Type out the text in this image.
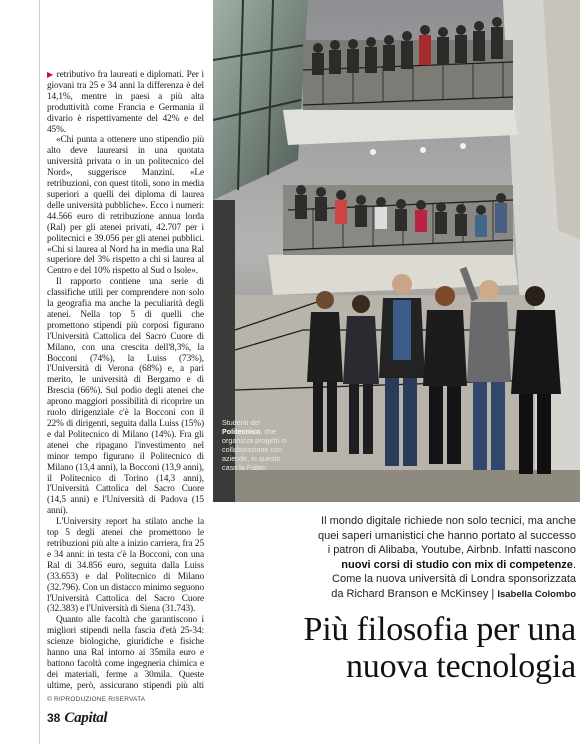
▶ retributivo fra laureati e diplomati. Per i giovani tra 25 e 34 anni la differenza è del 14,1%, mentre in paesi a più alta produttività come Francia e Germania il divario è rispettivamente del 42% e del 45%.

«Chi punta a ottenere uno stipendio più alto deve laurearsi in una quotata università privata o in un politecnico del Nord», suggerisce Manzini. «Le retribuzioni, con quest titoli, sono in media superiori a quelli dei diploma di laurea delle università pubbliche». Ecco i numeri: 44.566 euro di retribuzione annua lorda (Ral) per gli atenei privati, 42.707 per i politecnici e 39.056 per gli atenei pubblici. «Chi si laurea al Nord ha in media una Ral superiore del 3% rispetto a chi si laurea al Centro e del 10% rispetto al Sud o Isole».

Il rapporto contiene una serie di classifiche utili per comprendere non solo la geografia ma anche la peculiarità degli atenei. Nella top 5 di quelli che promettono stipendi più corposi figurano l'Università Cattolica del Sacro Cuore di Milano, con una crescita dell'8,3%, la Bocconi (74%), la Luiss (73%), l'Università di Verona (68%) e, a pari merito, le università di Bergamo e di Brescia (66%). Sul podio degli atenei che aprono maggiori possibilità di ricoprire un ruolo dirigenziale c'è la Bocconi con il 22% di dirigenti, seguita dalla Luiss (15%) e dal Politecnico di Milano (14%). Fra gli atenei che ripagano l'investimento nel minor tempo figurano il Politecnico di Milano (13,4 anni), la Bocconi (13,9 anni), il Politecnico di Torino (14,3 anni), l'Università Cattolica del Sacro Cuore (14,5 anni) e l'Università di Padova (15 anni).

L'University report ha stilato anche la top 5 degli atenei che promettono le retribuzioni più alte a inizio carriera, fra 25 e 34 anni: in testa c'è la Bocconi, con una Ral di 34.856 euro, seguita dalla Luiss (33.653) e dal Politecnico di Milano (32.796). Con un distacco minimo seguono l'Università Cattolica del Sacro Cuore (32.383) e l'Università di Siena (31.743).

Quanto alle facoltà che garantiscono i migliori stipendi nella fascia d'età 25-34: scienze biologiche, giuridiche e fisiche hanno una Ral intorno ai 35mila euro e battono facoltà come ingegneria chimica e dei materiali, ferme a 30mila. Queste ultime, però, assicurano stipendi più alti

© RIPRODUZIONE RISERVATA
38 Capital
Studenti del Politecnico, che organizza progetti in collaborazione con aziende, in questo caso la Faber.
Il mondo digitale richiede non solo tecnici, ma anche
quei saperi umanistici che hanno portato al successo
i patron di Alibaba, Youtube, Airbnb. Infatti nascono
nuovi corsi di studio con mix di competenze.
Come la nuova università di Londra sponsorizzata
da Richard Branson e McKinsey | Isabella Colombo
Più filosofia per una
nuova tecnologia
